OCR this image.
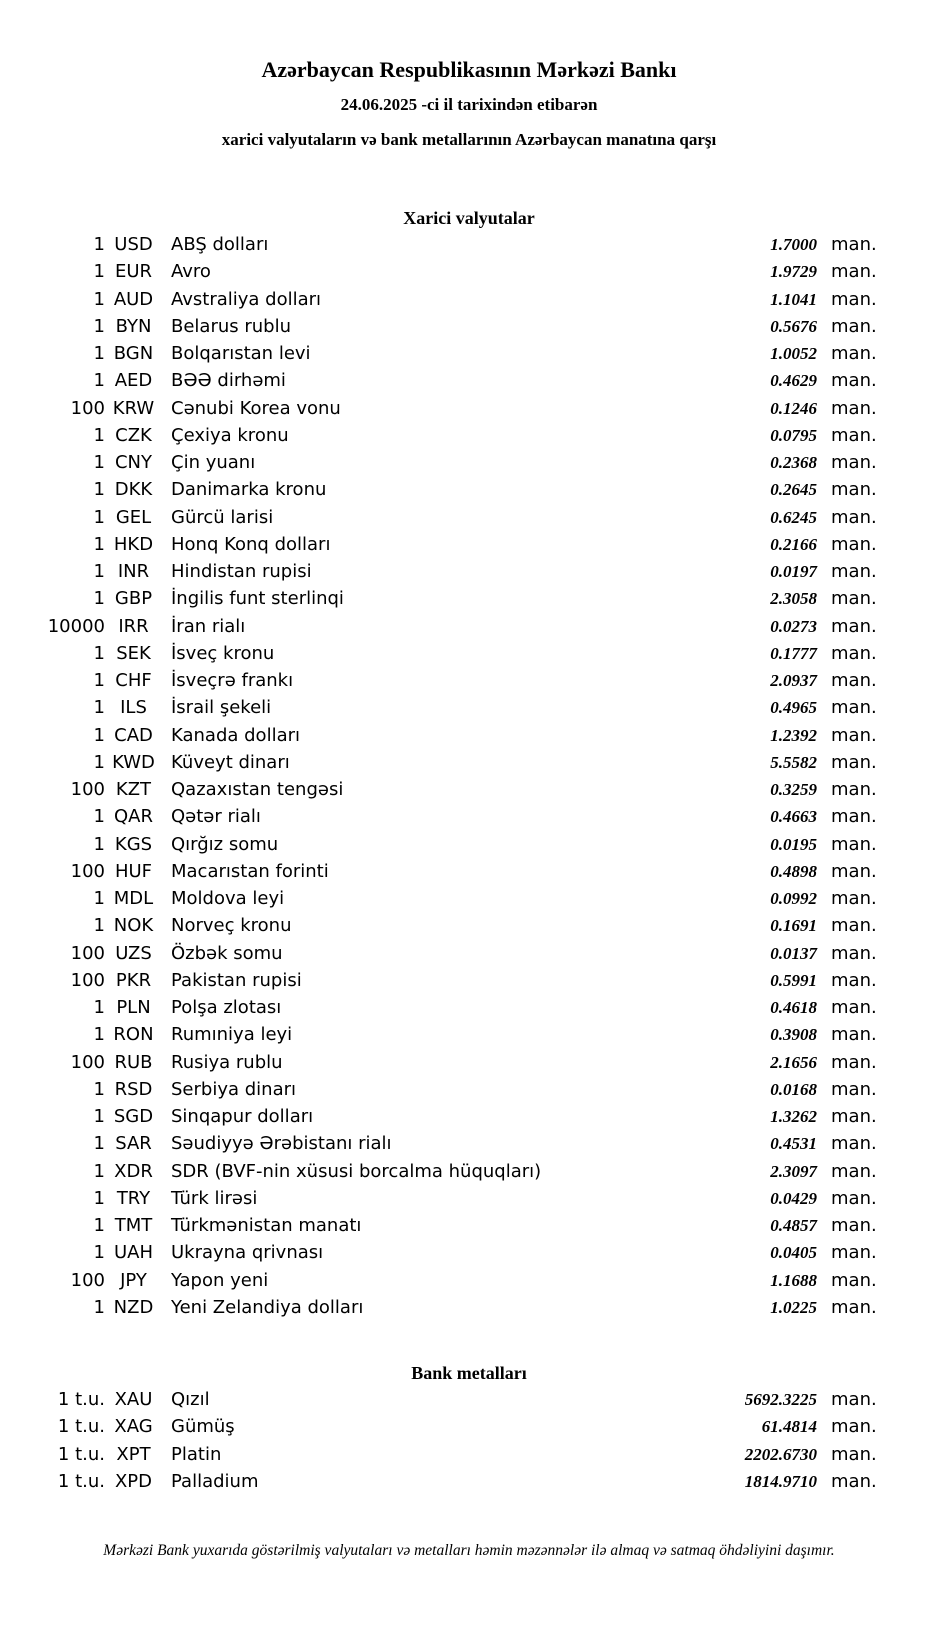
Azərbaycan Respublikasının Mərkəzi Bankı
24.06.2025 -ci il tarixindən etibarən
xarici valyutaların və bank metallarının Azərbaycan manatına qarşı
Xarici valyutalar
1 USD	ABŞ dolları	1.7000 man.
1 EUR	Avro	1.9729 man.
1 AUD Avstraliya dolları	1.1041 man.
1 BYN	Belarus rublu	0.5676 man.
1 BGN Bolqarıstan levi	1.0052 man.
1 AED	BƏƏ dirhəmi	0.4629 man.
100 KRW Cənubi Korea vonu	0.1246 man.
1 CZK	Çexiya kronu	0.0795 man.
1 CNY	Çin yuanı	0.2368 man.
1 DKK	Danimarka kronu	0.2645 man.
1 GEL	Gürcü larisi	0.6245 man.
1 HKD Honq Konq dolları	0.2166 man.
1 INR	Hindistan rupisi	0.0197 man.
1 GBP	İngilis funt sterlinqi	2.3058 man.
10000 IRR	İran rialı	0.0273 man.
1 SEK	İsveç kronu	0.1777 man.
1 CHF	İsveçrə frankı	2.0937 man.
1 ILS	İsrail şekeli	0.4965 man.
1 CAD	Kanada dolları	1.2392 man.
1 KWD Küveyt dinarı	5.5582 man.
100 KZT	Qazaxıstan tengəsi	0.3259 man.
1 QAR	Qətər rialı	0.4663 man.
1 KGS	Qırğız somu	0.0195 man.
100 HUF	Macarıstan forinti	0.4898 man.
1 MDL Moldova leyi	0.0992 man.
1 NOK Norveç kronu	0.1691 man.
100 UZS	Özbək somu	0.0137 man.
100 PKR	Pakistan rupisi	0.5991 man.
1 PLN	Polşa zlotası	0.4618 man.
1 RON Rumıniya leyi	0.3908 man.
100 RUB	Rusiya rublu	2.1656 man.
1 RSD	Serbiya dinarı	0.0168 man.
1 SGD Sinqapur dolları	1.3262 man.
1 SAR	Səudiyyə Ərəbistanı rialı	0.4531 man.
1 XDR	SDR (BVF-nin xüsusi borcalma hüquqları)	2.3097 man.
1 TRY	Türk lirəsi	0.0429 man.
1 TMT	Türkmənistan manatı	0.4857 man.
1 UAH Ukrayna qrivnası	0.0405 man.
100 JPY	Yapon yeni	1.1688 man.
1 NZD Yeni Zelandiya dolları	1.0225 man.
Bank metalları
1 t.u. XAU	Qızıl	5692.3225 man.
1 t.u. XAG	Gümüş	61.4814 man.
1 t.u. XPT	Platin	2202.6730 man.
1 t.u. XPD	Palladium	1814.9710 man.
Mərkəzi Bank yuxarıda göstərilmiş valyutaları və metalları həmin məzənnələr ilə almaq və satmaq öhdəliyini daşımır.
